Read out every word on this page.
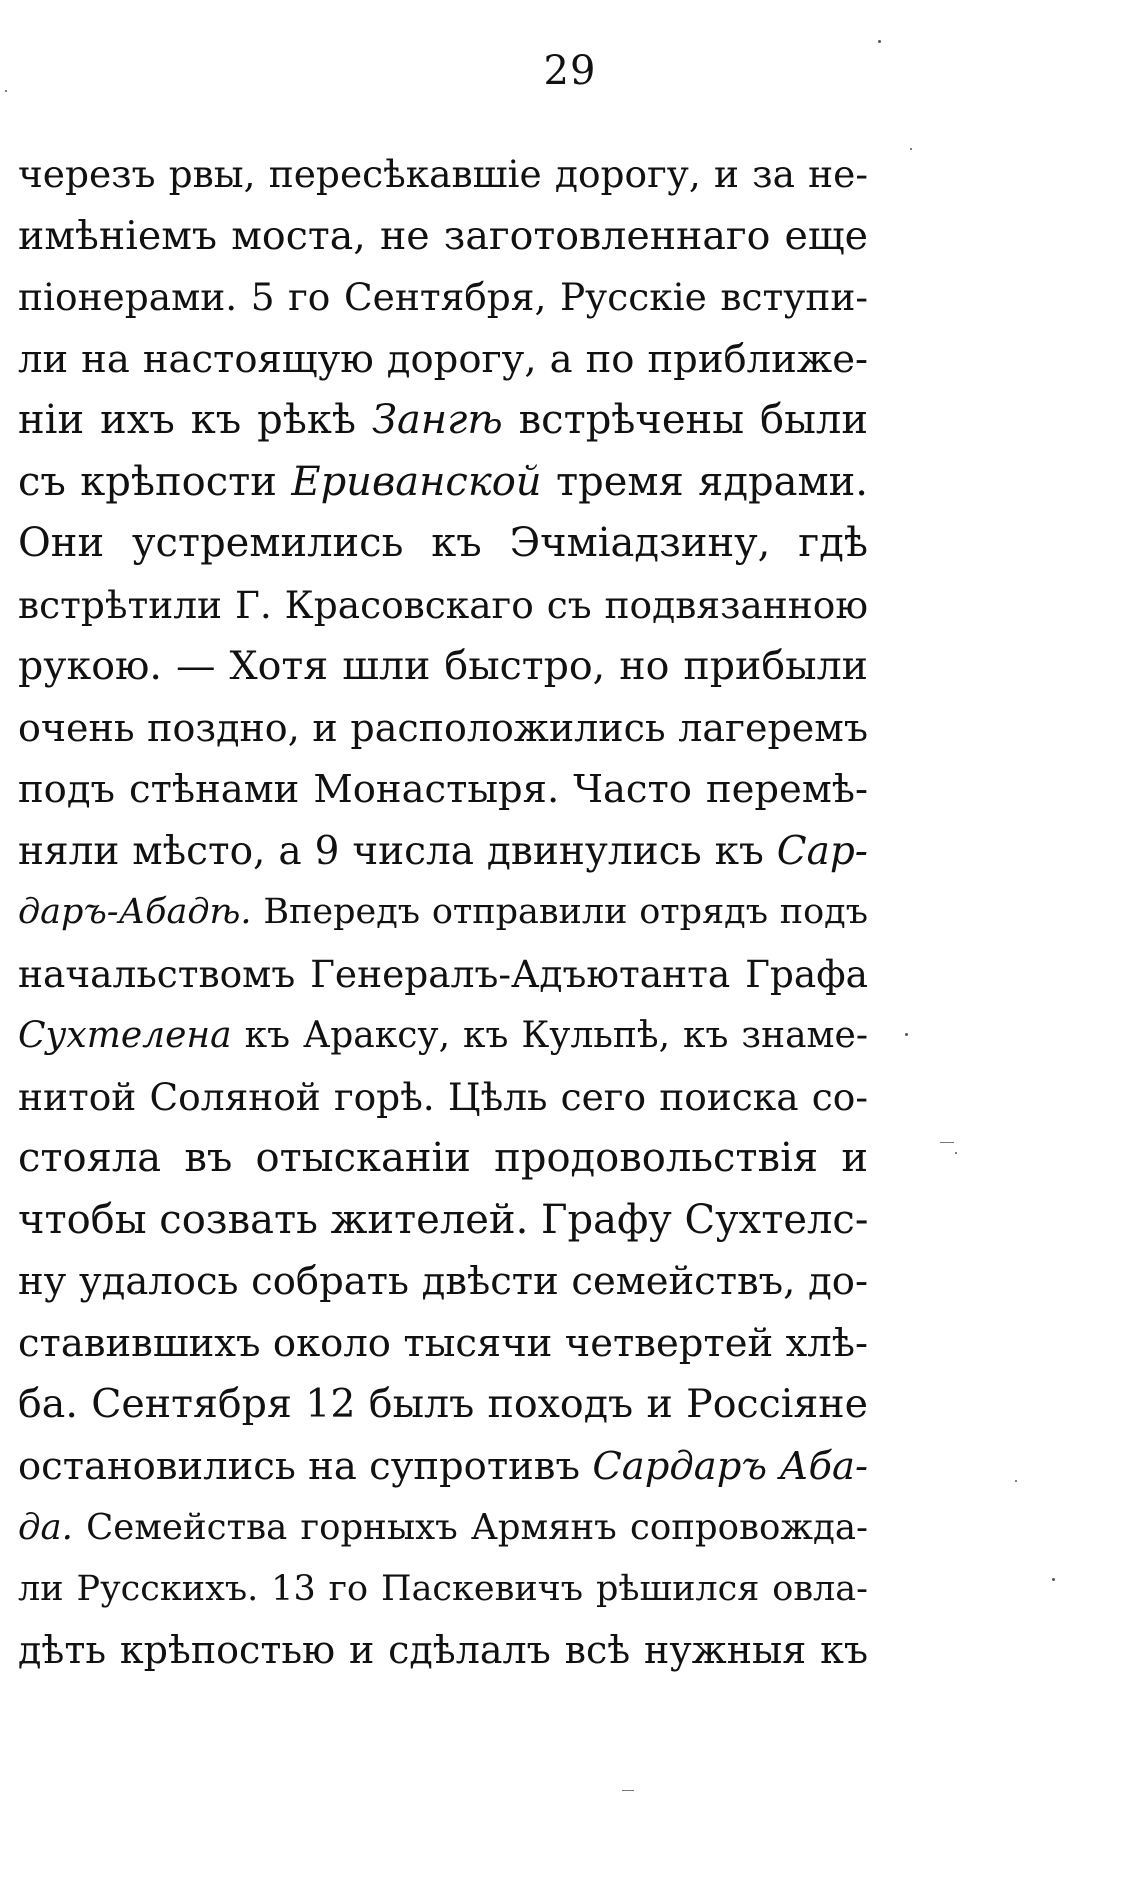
29
черезъ рвы, пересѣкавшіе дорогу, и за не-
имѣніемъ моста, не заготовленнаго еще
піонерами. 5 го Сентября, Русскіе вступи-
ли на настоящую дорогу, а по приближе-
ніи ихъ къ рѣкѣ Зангѣ встрѣчены были
съ крѣпости Ериванской тремя ядрами.
Они устремились къ Эчміадзину, гдѣ
встрѣтили Г. Красовскаго съ подвязанною
рукою. — Хотя шли быстро, но прибыли
очень поздно, и расположились лагеремъ
подъ стѣнами Монастыря. Часто перемѣ-
няли мѣсто, а 9 числа двинулись къ Сар-
даръ-Абадѣ. Впередъ отправили отрядъ подъ
начальствомъ Генералъ-Адъютанта Графа
Сухтелена къ Араксу, къ Кульпѣ, къ знаме-
нитой Соляной горѣ. Цѣль сего поиска со-
стояла въ отысканіи продовольствія и
чтобы созвать жителей. Графу Сухтелс-
ну удалось собрать двѣсти семействъ, до-
ставившихъ около тысячи четвертей хлѣ-
ба. Сентября 12 былъ походъ и Россіяне
остановились на супротивъ Сардаръ Аба-
да. Семейства горныхъ Армянъ сопровожда-
ли Русскихъ. 13 го Паскевичъ рѣшился овла-
дѣть крѣпостью и сдѣлалъ всѣ нужныя къ
